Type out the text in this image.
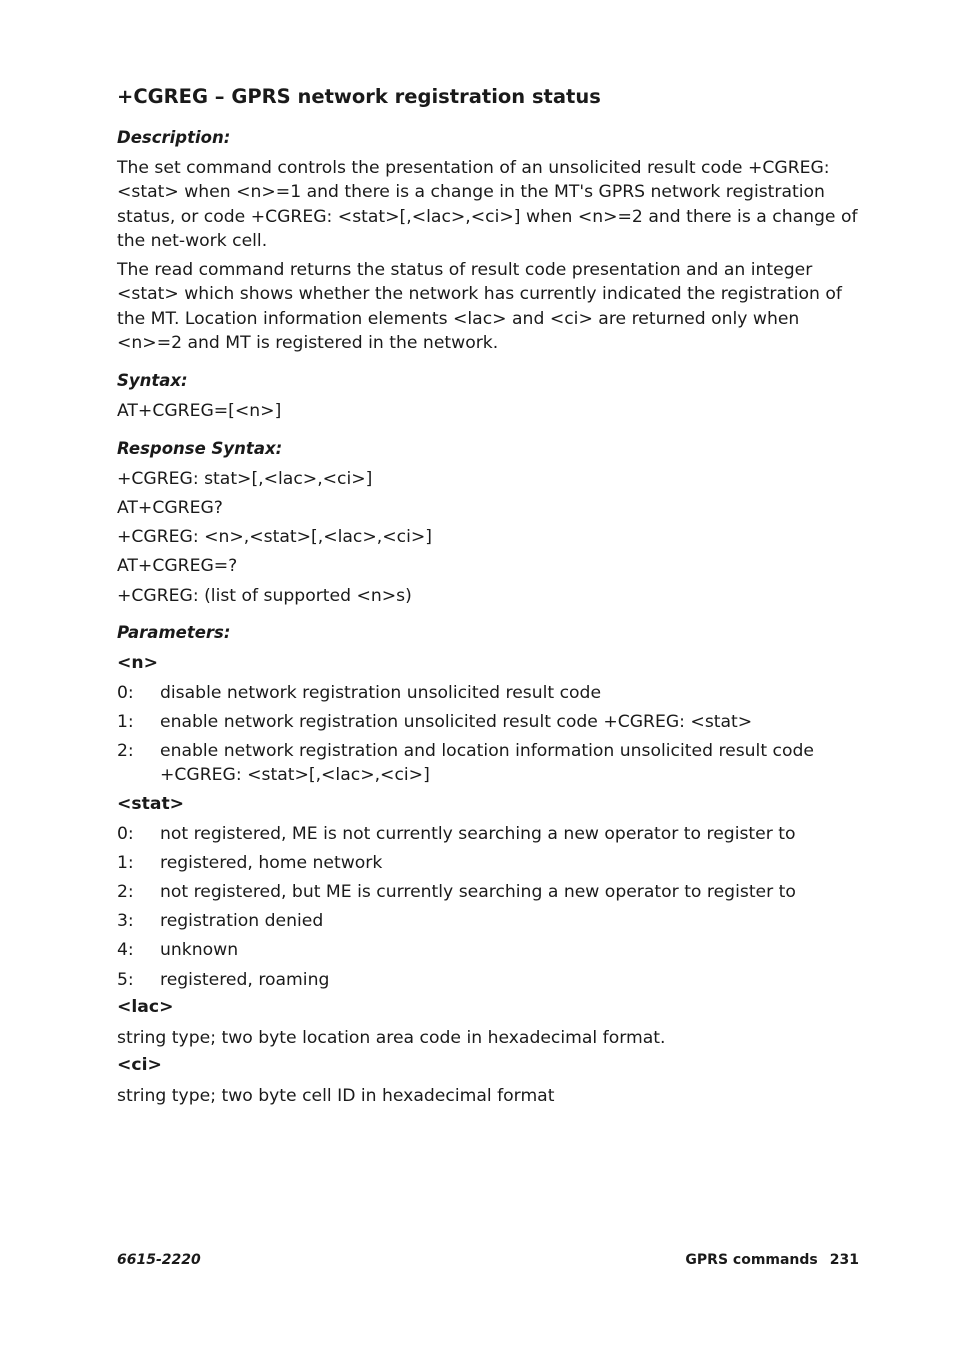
+CGREG – GPRS network registration status
Description:

The set command controls the presentation of an unsolicited result code +CGREG: <stat> when <n>=1 and there is a change in the MT's GPRS network registration status, or code +CGREG: <stat>[,<lac>,<ci>] when <n>=2 and there is a change of the net-work cell.

The read command returns the status of result code presentation and an integer <stat> which shows whether the network has currently indicated the registration of the MT. Location information elements <lac> and <ci> are returned only when <n>=2 and MT is registered in the network.

Syntax:
AT+CGREG=[<n>]
Response Syntax:
+CGREG: stat>[,<lac>,<ci>]
AT+CGREG?
+CGREG: <n>,<stat>[,<lac>,<ci>]
AT+CGREG=?
+CGREG: (list of supported <n>s)
Parameters:
<n>
0: disable network registration unsolicited result code
1: enable network registration unsolicited result code +CGREG: <stat>
2: enable network registration and location information unsolicited result code +CGREG: <stat>[,<lac>,<ci>]
<stat>
0: not registered, ME is not currently searching a new operator to register to
1: registered, home network
2: not registered, but ME is currently searching a new operator to register to
3: registration denied
4: unknown
5: registered, roaming
<lac>
string type; two byte location area code in hexadecimal format.
<ci>
string type; two byte cell ID in hexadecimal format
6615-2220	GPRS commands 231
